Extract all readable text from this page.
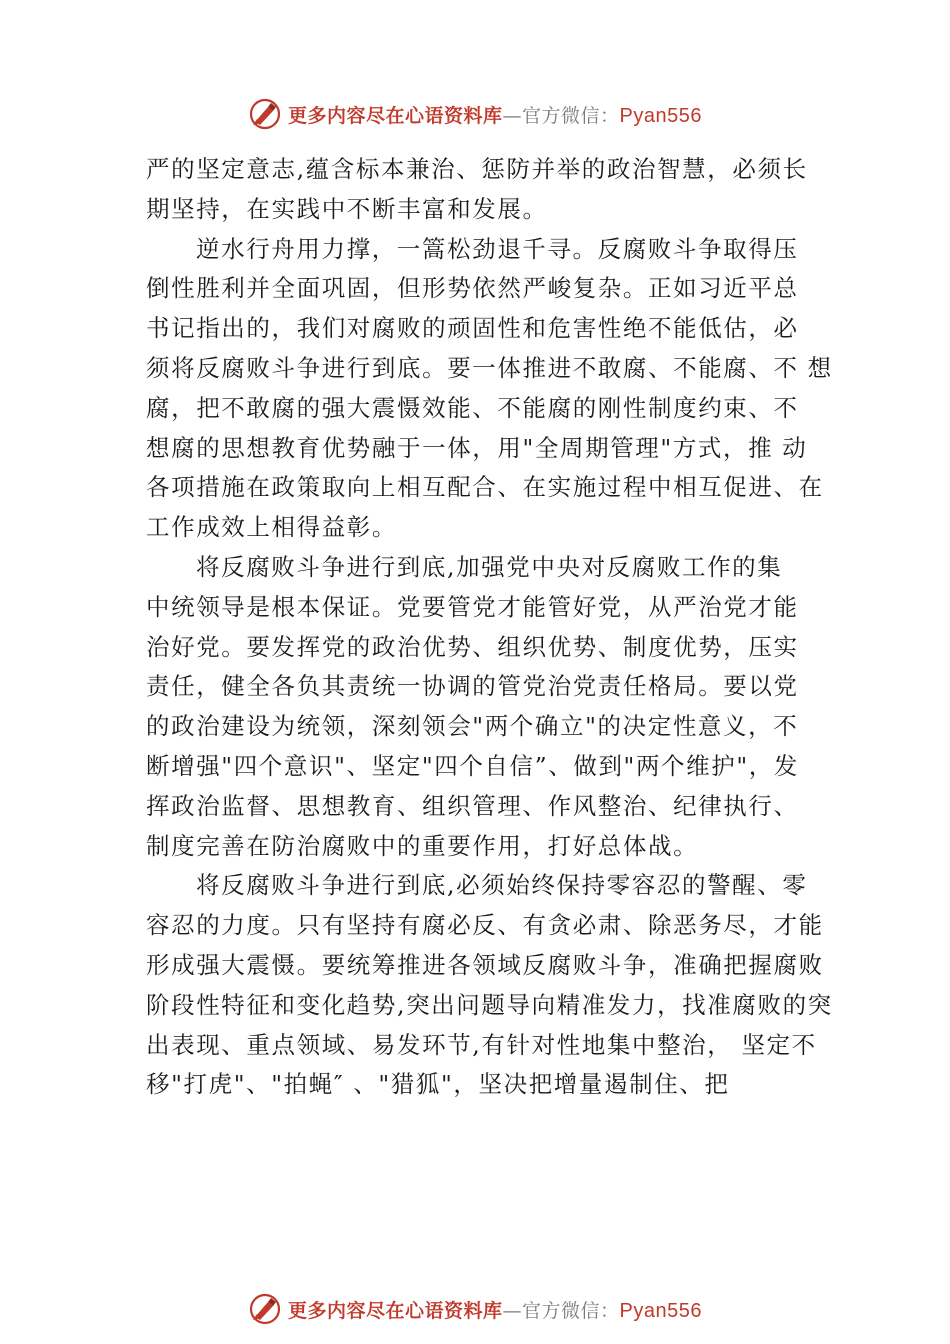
更多内容尽在心语资料库—官方微信：Pyan556
严的坚定意志,蕴含标本兼治、惩防并举的政治智慧，必须长
期坚持，在实践中不断丰富和发展。
逆水行舟用力撑，一篙松劲退千寻。反腐败斗争取得压
倒性胜利并全面巩固，但形势依然严峻复杂。正如习近平总
书记指出的，我们对腐败的顽固性和危害性绝不能低估，必
须将反腐败斗争进行到底。要一体推进不敢腐、不能腐、不 想
腐，把不敢腐的强大震慑效能、不能腐的刚性制度约束、不
想腐的思想教育优势融于一体，用"全周期管理"方式，推 动
各项措施在政策取向上相互配合、在实施过程中相互促进、在
工作成效上相得益彰。
将反腐败斗争进行到底,加强党中央对反腐败工作的集
中统领导是根本保证。党要管党才能管好党，从严治党才能
治好党。要发挥党的政治优势、组织优势、制度优势，压实
责任，健全各负其责统一协调的管党治党责任格局。要以党
的政治建设为统领，深刻领会"两个确立"的决定性意义，不
断增强"四个意识"、坚定"四个自信”、做到"两个维护"，发
挥政治监督、思想教育、组织管理、作风整治、纪律执行、
制度完善在防治腐败中的重要作用，打好总体战。
将反腐败斗争进行到底,必须始终保持零容忍的警醒、零
容忍的力度。只有坚持有腐必反、有贪必肃、除恶务尽，才能
形成强大震慑。要统筹推进各领域反腐败斗争，准确把握腐败
阶段性特征和变化趋势,突出问题导向精准发力，找准腐败的突
出表现、重点领域、易发环节,有针对性地集中整治， 坚定不
移"打虎"、"拍蝇″ 、"猎狐"，坚决把增量遏制住、把
更多内容尽在心语资料库—官方微信：Pyan556
